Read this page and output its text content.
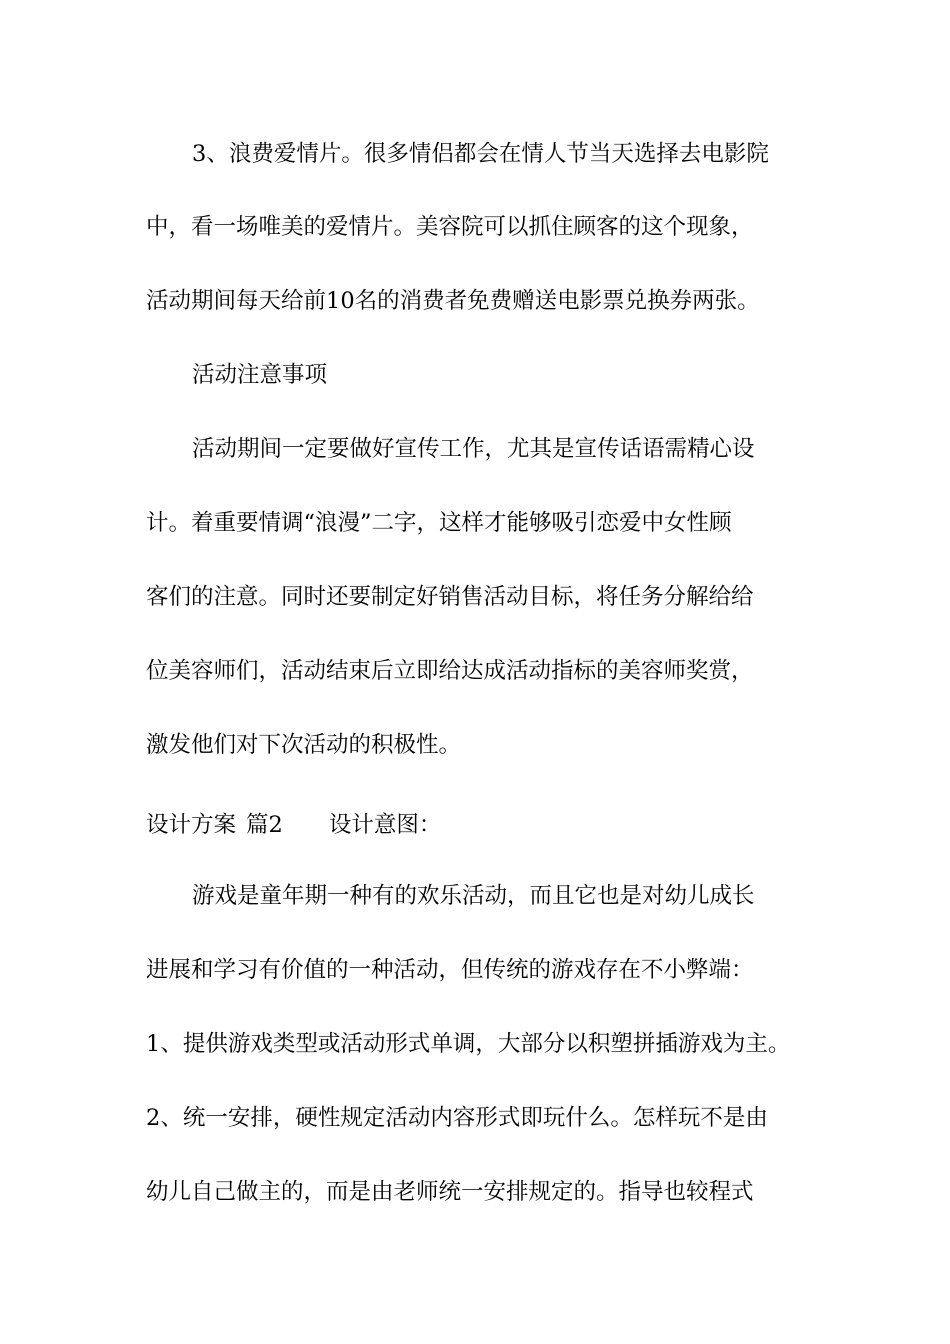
3、浪费爱情片。很多情侣都会在情人节当天选择去电影院
中，看一场唯美的爱情片。美容院可以抓住顾客的这个现象，
活动期间每天给前10名的消费者免费赠送电影票兑换券两张。
活动注意事项
活动期间一定要做好宣传工作，尤其是宣传话语需精心设
计。着重要情调“浪漫”二字，这样才能够吸引恋爱中女性顾
客们的注意。同时还要制定好销售活动目标，将任务分解给给
位美容师们，活动结束后立即给达成活动指标的美容师奖赏，
激发他们对下次活动的积极性。
设计方案 篇2 设计意图：
游戏是童年期一种有的欢乐活动，而且它也是对幼儿成长
进展和学习有价值的一种活动，但传统的游戏存在不小弊端：
1、提供游戏类型或活动形式单调，大部分以积塑拼插游戏为主。
2、统一安排，硬性规定活动内容形式即玩什么。怎样玩不是由
幼儿自己做主的，而是由老师统一安排规定的。指导也较程式
